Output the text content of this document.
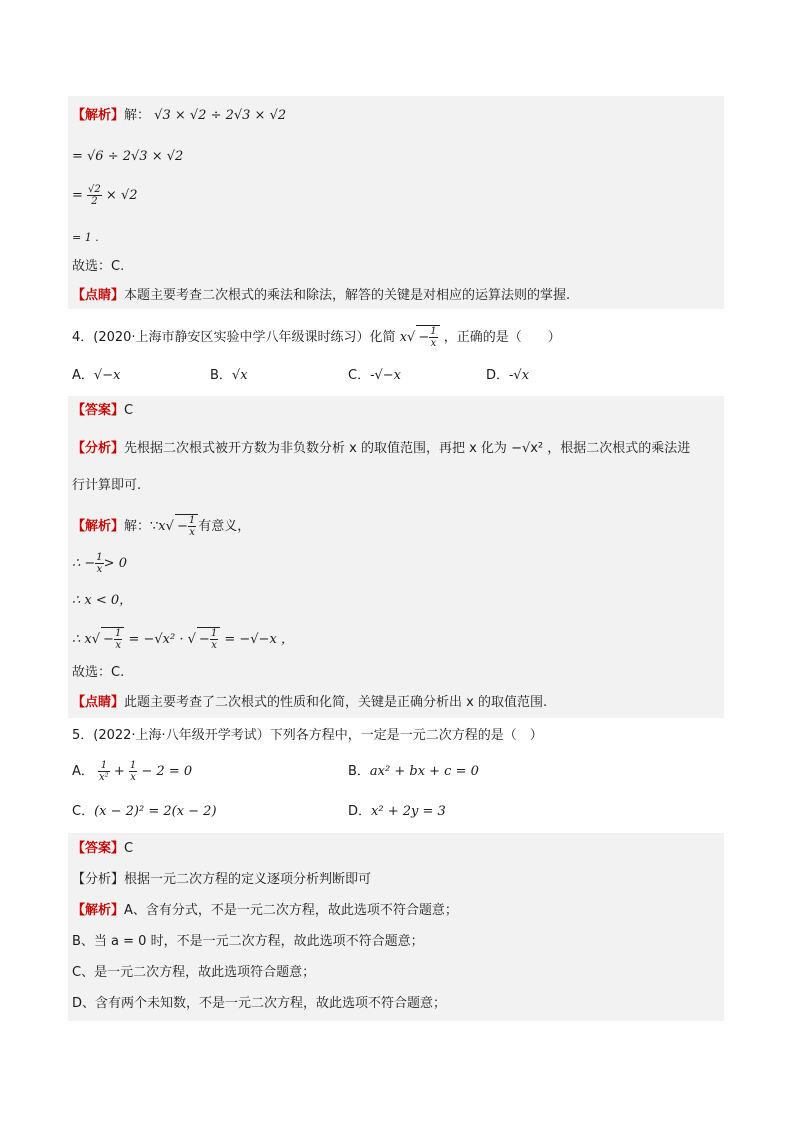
【解析】解： √3 × √2 ÷ 2√3 × √2
= √6 ÷ 2√3 × √2
= $\frac{√2}{2} \times √2$
= 1 .
故选：C.
【点睛】本题主要考查二次根式的乘法和除法，解答的关键是对相应的运算法则的掌握.
4．(2020·上海市静安区实验中学八年级课时练习）化简 $x√ - \frac{1}{x}$ ，正确的是（　　）
A．√−x	B．√x	C．-√−x	D．-√x
【答案】C
【分析】先根据二次根式被开方数为非负数分析 x 的取值范围，再把 x 化为 −√x² ，根据二次根式的乘法进
行计算即可.
【解析】解：∵x√ − $\frac{1}{x}$ 有意义，
∴ − $\frac{1}{x} > 0$
∴ x < 0，
∴ $x√ - \frac{1}{x} = -√x^2$ · √ − $\frac{1}{x} = -√-x$ ，
故选：C.
【点睛】此题主要考查了二次根式的性质和化简，关键是正确分析出 x 的取值范围.
5．(2022·上海·八年级开学考试）下列各方程中，一定是一元二次方程的是（　）
A． $\frac{1}{\text{x²}} + \frac{1}{x} - 2 = 0$	B．ax² + bx + c = 0
C．(x − 2)² = 2(x − 2)	D．x² + 2y = 3
【答案】C
【分析】根据一元二次方程的定义逐项分析判断即可
【解析】A、含有分式，不是一元二次方程，故此选项不符合题意；
B、当 a = 0 时，不是一元二次方程，故此选项不符合题意；
C、是一元二次方程，故此选项符合题意；
D、含有两个未知数，不是一元二次方程，故此选项不符合题意；
